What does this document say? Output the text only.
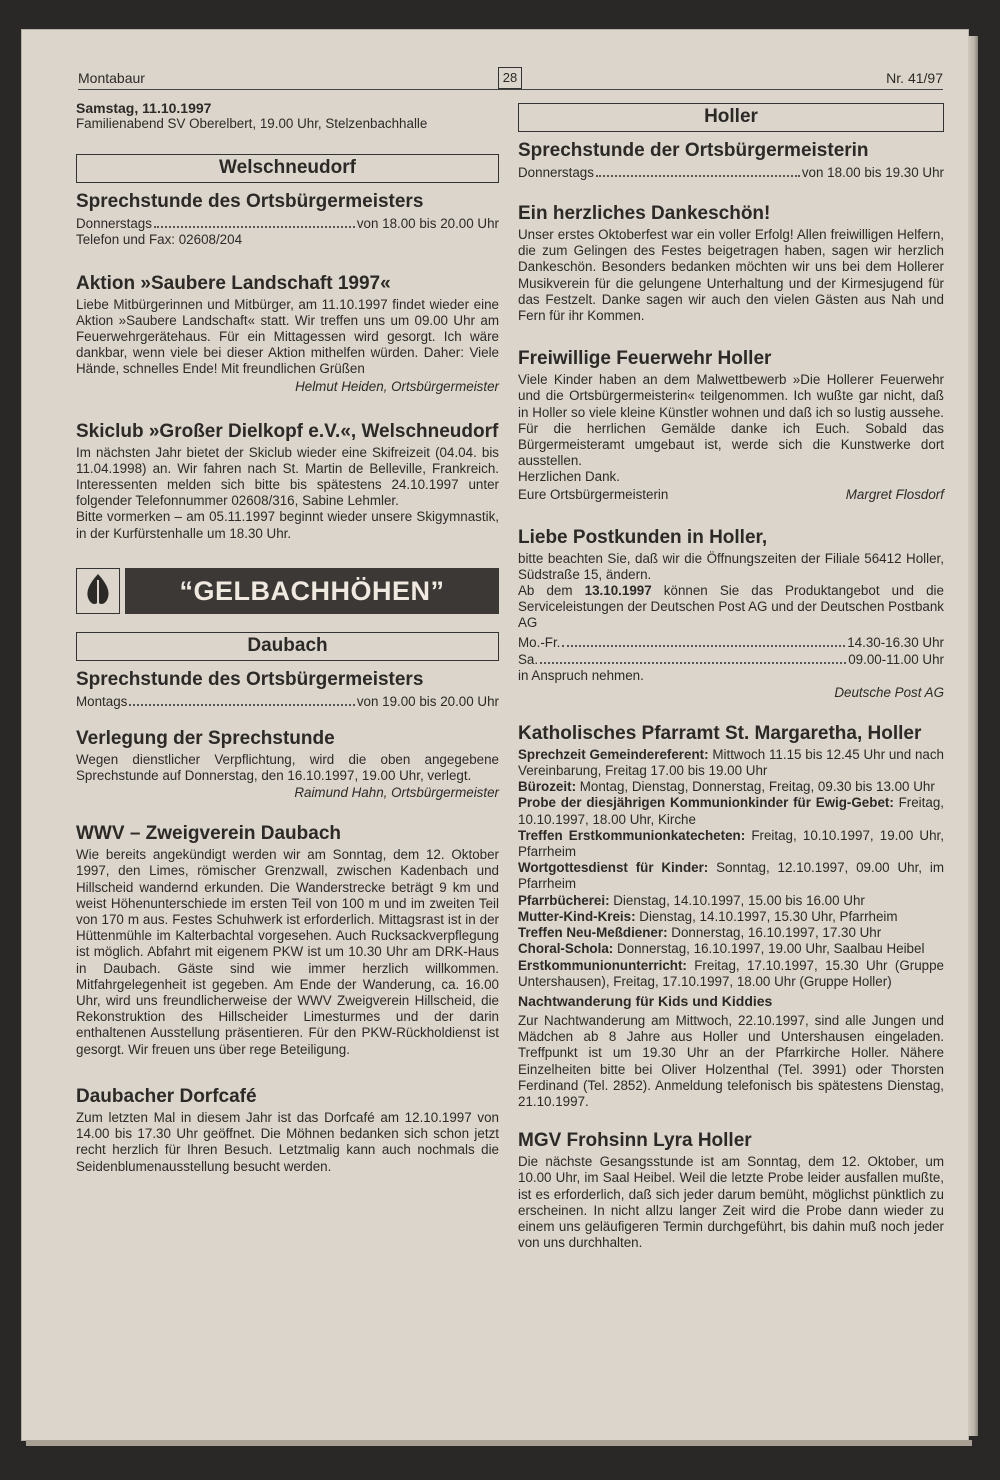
Montabaur	28	Nr. 41/97

Samstag, 11.10.1997

Familienabend SV Oberelbert, 19.00 Uhr, Stelzenbachhalle

Welschneudorf
Sprechstunde des Ortsbürgermeisters
Donnerstags	von 18.00 bis 20.00 Uhr

Telefon und Fax: 02608/204

Aktion »Saubere Landschaft 1997«

Liebe Mitbürgerinnen und Mitbürger, am 11.10.1997 findet wieder eine Aktion »Saubere Landschaft« statt. Wir treffen uns um 09.00 Uhr am Feuerwehrgerätehaus. Für ein Mittagessen wird gesorgt. Ich wäre dankbar, wenn viele bei dieser Aktion mithelfen würden. Daher: Viele Hände, schnelles Ende! Mit freundlichen Grüßen

Helmut Heiden, Ortsbürgermeister
Skiclub »Großer Dielkopf e.V.«, Welschneudorf

Im nächsten Jahr bietet der Skiclub wieder eine Skifreizeit (04.04. bis 11.04.1998) an. Wir fahren nach St. Martin de Belleville, Frankreich. Interessenten melden sich bitte bis spätestens 24.10.1997 unter folgender Telefonnummer 02608/316, Sabine Lehmler.

Bitte vormerken – am 05.11.1997 beginnt wieder unsere Skigymnastik, in der Kurfürstenhalle um 18.30 Uhr.

“GELBACHHÖHEN”
Daubach
Sprechstunde des Ortsbürgermeisters
Montags	von 19.00 bis 20.00 Uhr
Verlegung der Sprechstunde

Wegen dienstlicher Verpflichtung, wird die oben angegebene Sprechstunde auf Donnerstag, den 16.10.1997, 19.00 Uhr, verlegt.

Raimund Hahn, Ortsbürgermeister
WWV – Zweigverein Daubach

Wie bereits angekündigt werden wir am Sonntag, dem 12. Oktober 1997, den Limes, römischer Grenzwall, zwischen Kadenbach und Hillscheid wandernd erkunden. Die Wanderstrecke beträgt 9 km und weist Höhenunterschiede im ersten Teil von 100 m und im zweiten Teil von 170 m aus. Festes Schuhwerk ist erforderlich. Mittagsrast ist in der Hüttenmühle im Kalterbachtal vorgesehen. Auch Rucksackverpflegung ist möglich. Abfahrt mit eigenem PKW ist um 10.30 Uhr am DRK-Haus in Daubach. Gäste sind wie immer herzlich willkommen. Mitfahrgelegenheit ist gegeben. Am Ende der Wanderung, ca. 16.00 Uhr, wird uns freundlicherweise der WWV Zweigverein Hillscheid, die Rekonstruktion des Hillscheider Limesturmes und der darin enthaltenen Ausstellung präsentieren. Für den PKW-Rückholdienst ist gesorgt. Wir freuen uns über rege Beteiligung.

Daubacher Dorfcafé

Zum letzten Mal in diesem Jahr ist das Dorfcafé am 12.10.1997 von 14.00 bis 17.30 Uhr geöffnet. Die Möhnen bedanken sich schon jetzt recht herzlich für Ihren Besuch. Letztmalig kann auch nochmals die Seidenblumenausstellung besucht werden.

Holler
Sprechstunde der Ortsbürgermeisterin
Donnerstags	von 18.00 bis 19.30 Uhr
Ein herzliches Dankeschön!

Unser erstes Oktoberfest war ein voller Erfolg! Allen freiwilligen Helfern, die zum Gelingen des Festes beigetragen haben, sagen wir herzlich Dankeschön. Besonders bedanken möchten wir uns bei dem Hollerer Musikverein für die gelungene Unterhaltung und der Kirmesjugend für das Festzelt. Danke sagen wir auch den vielen Gästen aus Nah und Fern für ihr Kommen.

Freiwillige Feuerwehr Holler

Viele Kinder haben an dem Malwettbewerb »Die Hollerer Feuerwehr und die Ortsbürgermeisterin« teilgenommen. Ich wußte gar nicht, daß in Holler so viele kleine Künstler wohnen und daß ich so lustig aussehe. Für die herrlichen Gemälde danke ich Euch. Sobald das Bürgermeisteramt umgebaut ist, werde sich die Kunstwerke dort ausstellen.

Herzlichen Dank.

Eure Ortsbürgermeisterin	Margret Flosdorf
Liebe Postkunden in Holler,

bitte beachten Sie, daß wir die Öffnungszeiten der Filiale 56412 Holler, Südstraße 15, ändern.

Ab dem 13.10.1997 können Sie das Produktangebot und die Serviceleistungen der Deutschen Post AG und der Deutschen Postbank AG

Mo.-Fr.	14.30-16.30 Uhr
Sa.	09.00-11.00 Uhr

in Anspruch nehmen.

Deutsche Post AG
Katholisches Pfarramt St. Margaretha, Holler

Sprechzeit Gemeindereferent: Mittwoch 11.15 bis 12.45 Uhr und nach Vereinbarung, Freitag 17.00 bis 19.00 Uhr

Bürozeit: Montag, Dienstag, Donnerstag, Freitag, 09.30 bis 13.00 Uhr

Probe der diesjährigen Kommunionkinder für Ewig-Gebet: Freitag, 10.10.1997, 18.00 Uhr, Kirche

Treffen Erstkommunionkatecheten: Freitag, 10.10.1997, 19.00 Uhr, Pfarrheim

Wortgottesdienst für Kinder: Sonntag, 12.10.1997, 09.00 Uhr, im Pfarrheim

Pfarrbücherei: Dienstag, 14.10.1997, 15.00 bis 16.00 Uhr

Mutter-Kind-Kreis: Dienstag, 14.10.1997, 15.30 Uhr, Pfarrheim

Treffen Neu-Meßdiener: Donnerstag, 16.10.1997, 17.30 Uhr

Choral-Schola: Donnerstag, 16.10.1997, 19.00 Uhr, Saalbau Heibel

Erstkommunionunterricht: Freitag, 17.10.1997, 15.30 Uhr (Gruppe Untershausen), Freitag, 17.10.1997, 18.00 Uhr (Gruppe Holler)

Nachtwanderung für Kids und Kiddies

Zur Nachtwanderung am Mittwoch, 22.10.1997, sind alle Jungen und Mädchen ab 8 Jahre aus Holler und Untershausen eingeladen. Treffpunkt ist um 19.30 Uhr an der Pfarrkirche Holler. Nähere Einzelheiten bitte bei Oliver Holzenthal (Tel. 3991) oder Thorsten Ferdinand (Tel. 2852). Anmeldung telefonisch bis spätestens Dienstag, 21.10.1997.

MGV Frohsinn Lyra Holler

Die nächste Gesangsstunde ist am Sonntag, dem 12. Oktober, um 10.00 Uhr, im Saal Heibel. Weil die letzte Probe leider ausfallen mußte, ist es erforderlich, daß sich jeder darum bemüht, möglichst pünktlich zu erscheinen. In nicht allzu langer Zeit wird die Probe dann wieder zu einem uns geläufigeren Termin durchgeführt, bis dahin muß noch jeder von uns durchhalten.
